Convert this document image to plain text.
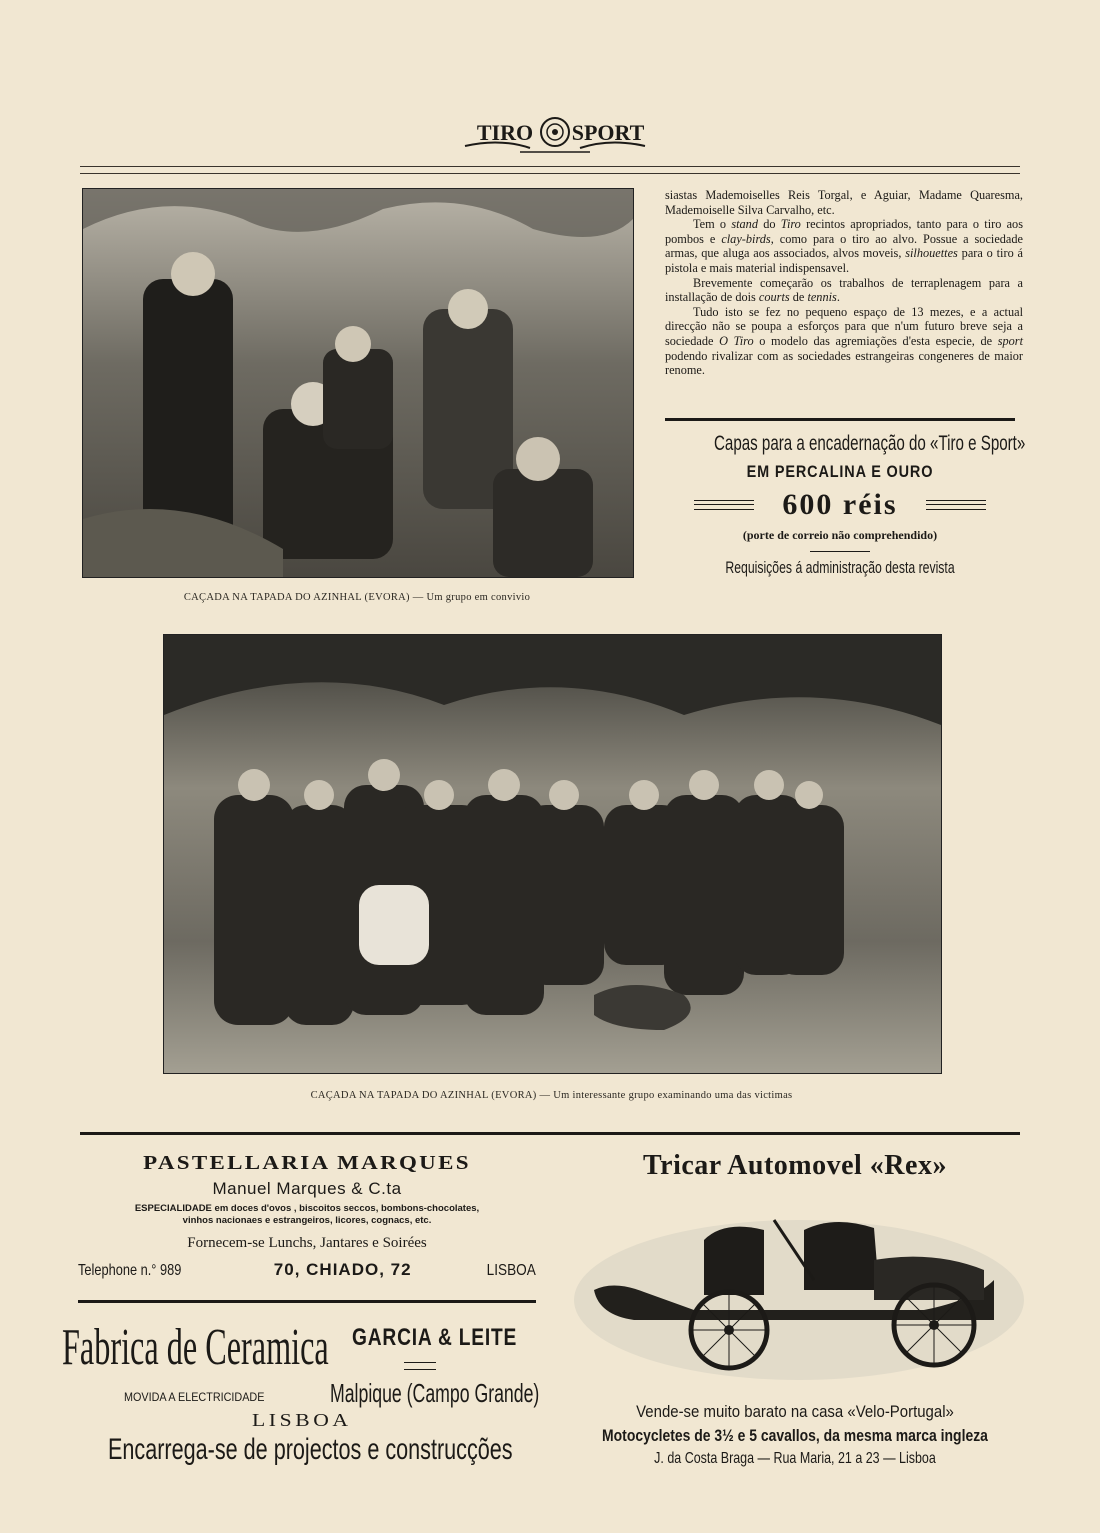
TIRO SPORT
CAÇADA NA TAPADA DO AZINHAL (EVORA) — Um grupo em convivio

siastas Mademoiselles Reis Torgal, e Aguiar, Madame Quaresma, Mademoiselle Silva Carvalho, etc.

Tem o stand do Tiro recintos apropriados, tanto para o tiro aos pombos e clay-birds, como para o tiro ao alvo. Possue a sociedade armas, que aluga aos associados, alvos moveis, silhouettes para o tiro á pistola e mais material indispensavel.

Brevemente começarão os trabalhos de terraplenagem para a installação de dois courts de tennis.

Tudo isto se fez no pequeno espaço de 13 mezes, e a actual direcção não se poupa a esforços para que n'um futuro breve seja a sociedade O Tiro o modelo das agremiações d'esta especie, de sport podendo rivalizar com as sociedades estrangeiras congeneres de maior renome.

Capas para a encadernação do «Tiro e Sport»
EM PERCALINA E OURO
600 réis
(porte de correio não comprehendido)
Requisições á administração desta revista
CAÇADA NA TAPADA DO AZINHAL (EVORA) — Um interessante grupo examinando uma das victimas
PASTELLARIA MARQUES
Manuel Marques & C.ta
ESPECIALIDADE em doces d'ovos , biscoitos seccos, bombons-chocolates,
vinhos nacionaes e estrangeiros, licores, cognacs, etc.
Fornecem-se Lunchs, Jantares e Soirées
Telephone n.° 989	70, CHIADO, 72	LISBOA
Fabrica de Ceramica GARCIA & LEITE
MOVIDA A ELECTRICIDADE	Malpique (Campo Grande)
LISBOA
Encarrega-se de projectos e construcções
Tricar Automovel «Rex»
Vende-se muito barato na casa «Velo-Portugal»
Motocycletes de 3½ e 5 cavallos, da mesma marca ingleza
J. da Costa Braga — Rua Maria, 21 a 23 — Lisboa
